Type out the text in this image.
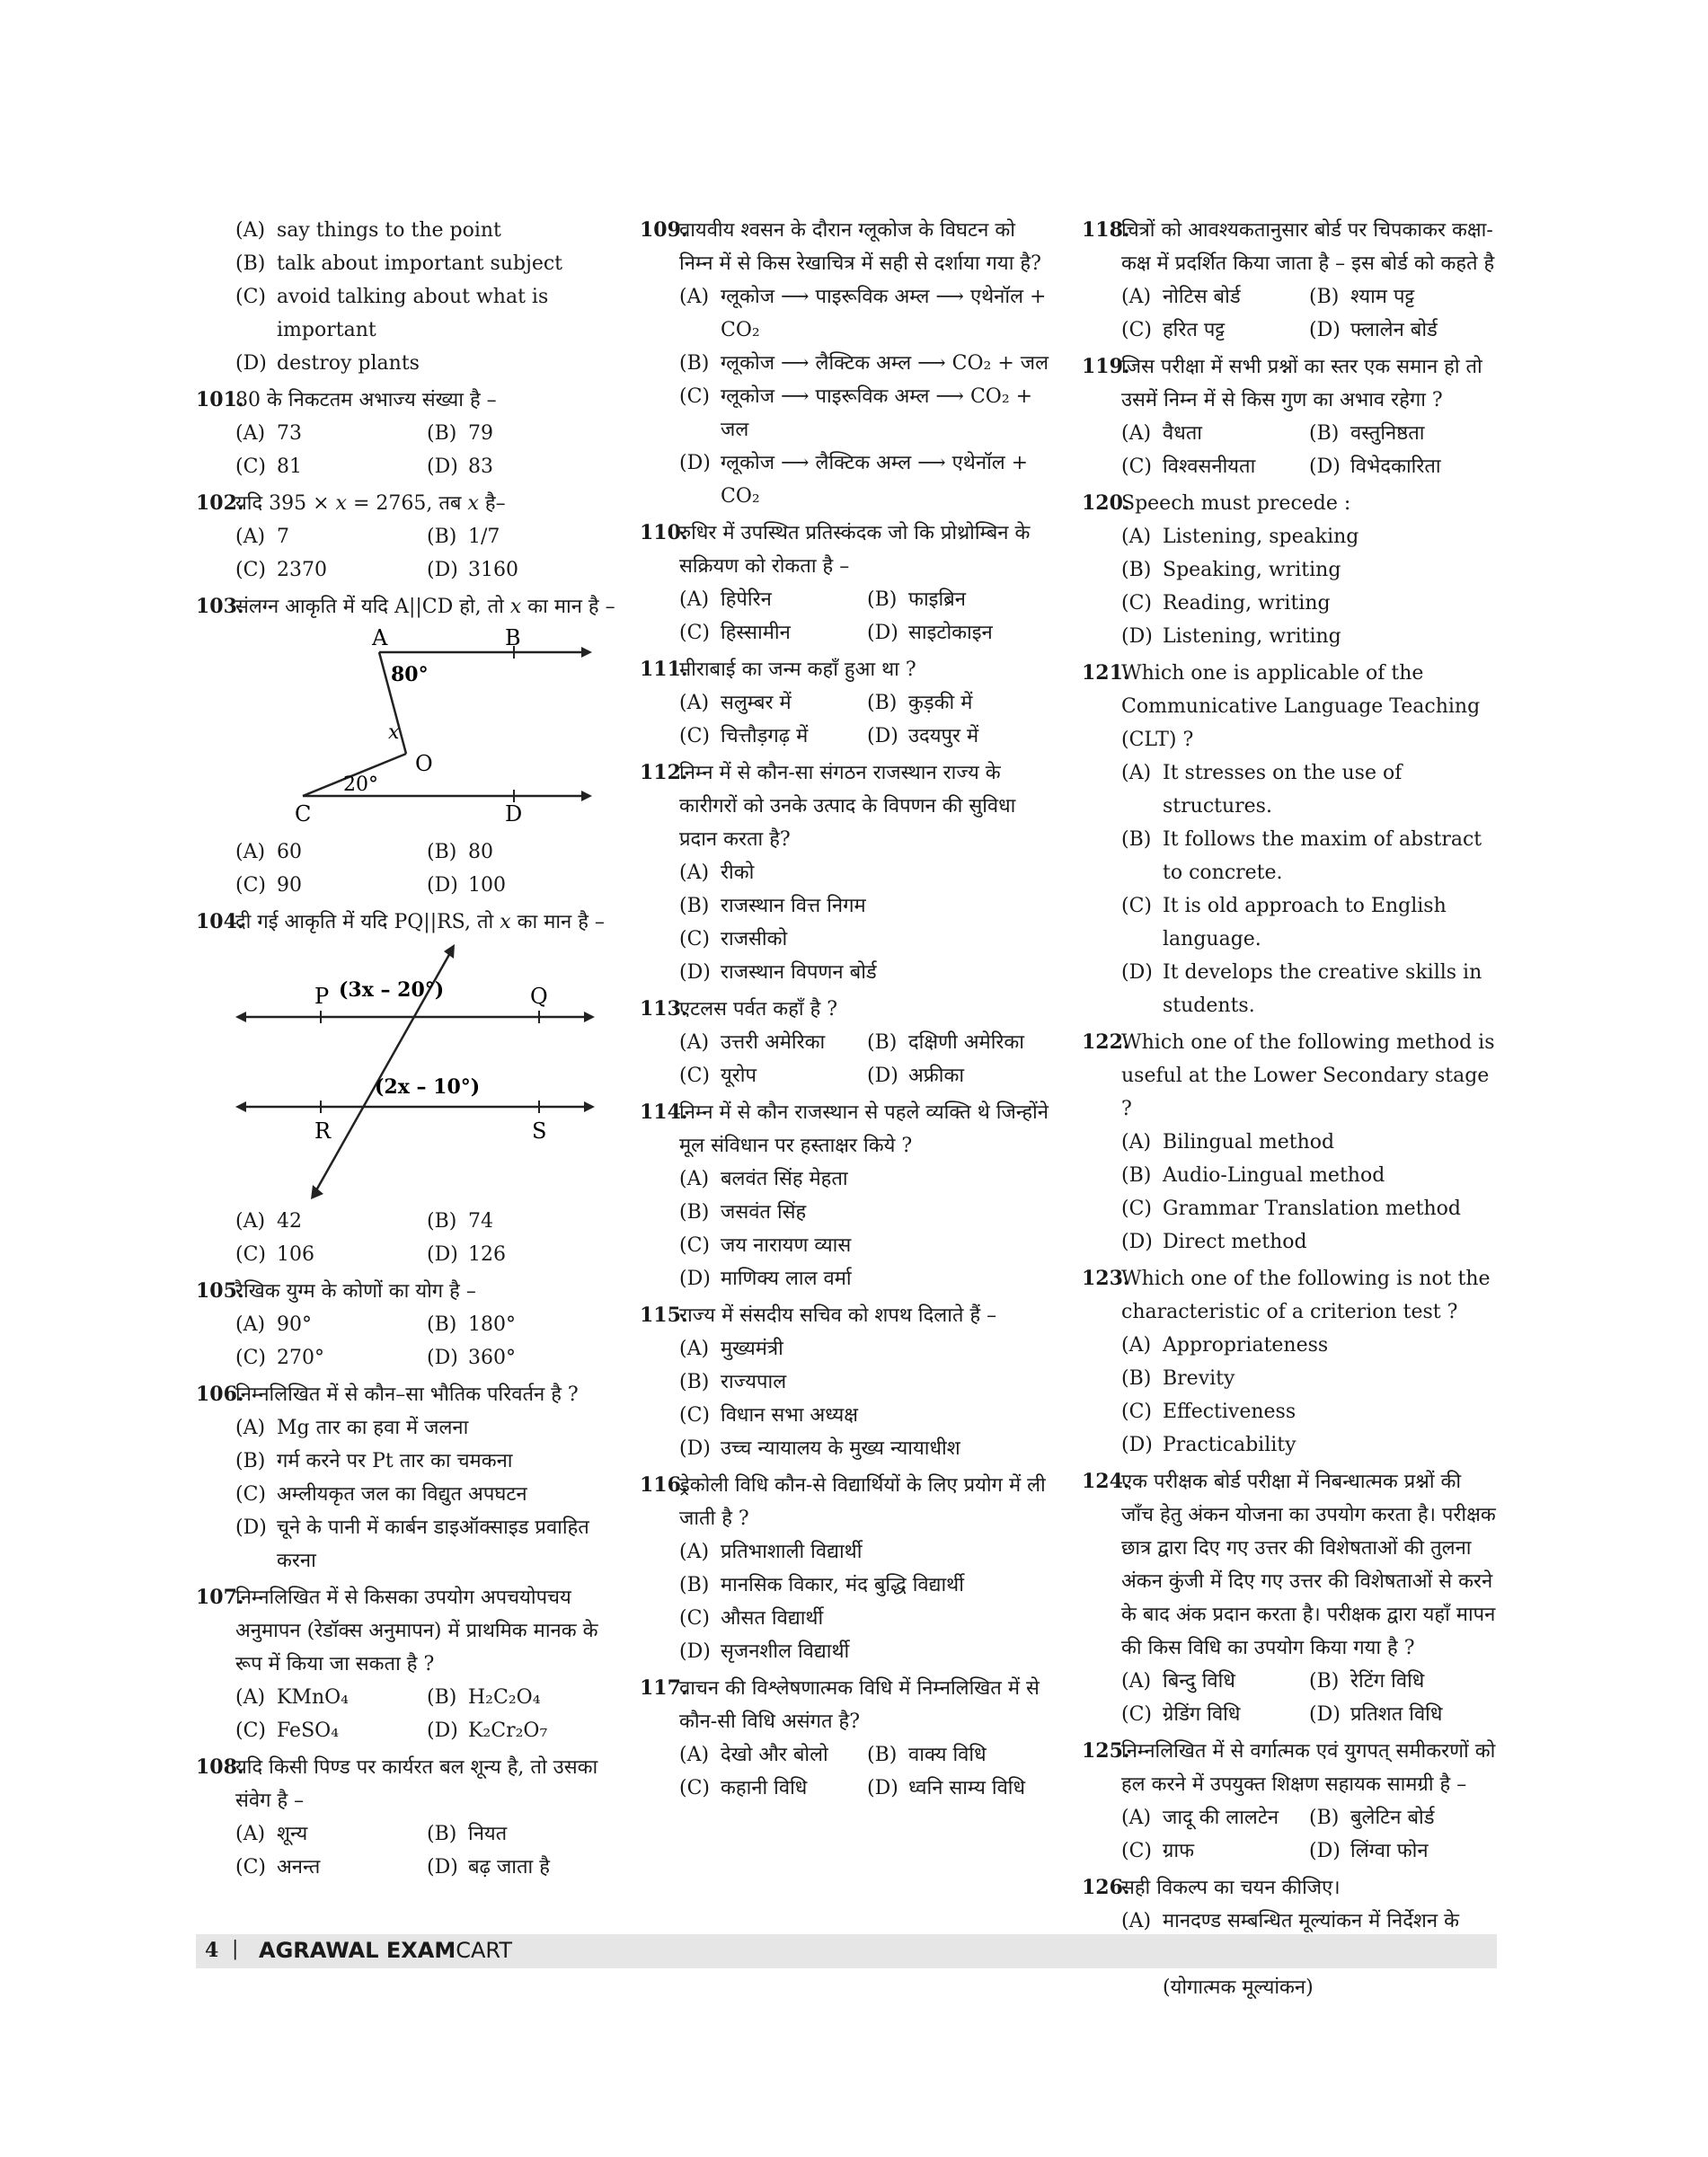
(A) say things to the point
(B) talk about important subject
(C) avoid talking about what is important
(D) destroy plants
101.
80 के निकटतम अभाज्य संख्या है –
(A) 73	(B) 79
(C) 81	(D) 83
102.
यदि 395 × x = 2765, तब x है–
(A) 7	(B) 1/7
(C) 2370	(D) 3160
103.
संलग्न आकृति में यदि A||CD हो, तो x का मान है –
A	B
80°
x
O
20°
C	D
(A) 60	(B) 80
(C) 90	(D) 100
104.
दी गई आकृति में यदि PQ||RS, तो x का मान है –
P	Q
R	S
(3x – 20°)
(2x – 10°)
(A) 42	(B) 74
(C) 106	(D) 126
105.
रैखिक युग्म के कोणों का योग है –
(A) 90°	(B) 180°
(C) 270°	(D) 360°
106.
निम्नलिखित में से कौन–सा भौतिक परिवर्तन है ?
(A) Mg तार का हवा में जलना
(B) गर्म करने पर Pt तार का चमकना
(C) अम्लीयकृत जल का विद्युत अपघटन
(D) चूने के पानी में कार्बन डाइऑक्साइड प्रवाहित करना
107.
निम्नलिखित में से किसका उपयोग अपचयोपचय अनुमापन (रेडॉक्स अनुमापन) में प्राथमिक मानक के रूप में किया जा सकता है ?
(A) KMnO₄	(B) H₂C₂O₄
(C) FeSO₄	(D) K₂Cr₂O₇
108.
यदि किसी पिण्ड पर कार्यरत बल शून्य है, तो उसका संवेग है –
(A) शून्य	(B) नियत
(C) अनन्त	(D) बढ़ जाता है
109.
वायवीय श्वसन के दौरान ग्लूकोज के विघटन को निम्न में से किस रेखाचित्र में सही से दर्शाया गया है?
(A) ग्लूकोज ⟶ पाइरूविक अम्ल ⟶ एथेनॉल + CO₂
(B) ग्लूकोज ⟶ लैक्टिक अम्ल ⟶ CO₂ + जल
(C) ग्लूकोज ⟶ पाइरूविक अम्ल ⟶ CO₂ + जल
(D) ग्लूकोज ⟶ लैक्टिक अम्ल ⟶ एथेनॉल + CO₂
110.
रुधिर में उपस्थित प्रतिस्कंदक जो कि प्रोथ्रोम्बिन के सक्रियण को रोकता है –
(A) हिपेरिन	(B) फाइब्रिन
(C) हिस्सामीन	(D) साइटोकाइन
111.
मीराबाई का जन्म कहाँ हुआ था ?
(A) सलुम्बर में	(B) कुड़की में
(C) चित्तौड़गढ़ में	(D) उदयपुर में
112.
निम्न में से कौन-सा संगठन राजस्थान राज्य के कारीगरों को उनके उत्पाद के विपणन की सुविधा प्रदान करता है?
(A) रीको
(B) राजस्थान वित्त निगम
(C) राजसीको
(D) राजस्थान विपणन बोर्ड
113.
एटलस पर्वत कहाँ है ?
(A) उत्तरी अमेरिका	(B) दक्षिणी अमेरिका
(C) यूरोप	(D) अफ्रीका
114.
निम्न में से कौन राजस्थान से पहले व्यक्ति थे जिन्होंने मूल संविधान पर हस्ताक्षर किये ?
(A) बलवंत सिंह मेहता
(B) जसवंत सिंह
(C) जय नारायण व्यास
(D) माणिक्य लाल वर्मा
115.
राज्य में संसदीय सचिव को शपथ दिलाते हैं –
(A) मुख्यमंत्री
(B) राज्यपाल
(C) विधान सभा अध्यक्ष
(D) उच्च न्यायालय के मुख्य न्यायाधीश
116.
ड्रेकोली विधि कौन-से विद्यार्थियों के लिए प्रयोग में ली जाती है ?
(A) प्रतिभाशाली विद्यार्थी
(B) मानसिक विकार, मंद बुद्धि विद्यार्थी
(C) औसत विद्यार्थी
(D) सृजनशील विद्यार्थी
117.
वाचन की विश्लेषणात्मक विधि में निम्नलिखित में से कौन-सी विधि असंगत है?
(A) देखो और बोलो	(B) वाक्य विधि
(C) कहानी विधि	(D) ध्वनि साम्य विधि
118.
चित्रों को आवश्यकतानुसार बोर्ड पर चिपकाकर कक्षा-कक्ष में प्रदर्शित किया जाता है – इस बोर्ड को कहते है
(A) नोटिस बोर्ड	(B) श्याम पट्ट
(C) हरित पट्ट	(D) फ्लालेन बोर्ड
119.
जिस परीक्षा में सभी प्रश्नों का स्तर एक समान हो तो उसमें निम्न में से किस गुण का अभाव रहेगा ?
(A) वैधता	(B) वस्तुनिष्ठता
(C) विश्वसनीयता	(D) विभेदकारिता
120.
Speech must precede :
(A) Listening, speaking
(B) Speaking, writing
(C) Reading, writing
(D) Listening, writing
121.
Which one is applicable of the Communicative Language Teaching (CLT) ?
(A) It stresses on the use of structures.
(B) It follows the maxim of abstract to concrete.
(C) It is old approach to English language.
(D) It develops the creative skills in students.
122.
Which one of the following method is useful at the Lower Secondary stage ?
(A) Bilingual method
(B) Audio-Lingual method
(C) Grammar Translation method
(D) Direct method
123.
Which one of the following is not the characteristic of a criterion test ?
(A) Appropriateness
(B) Brevity
(C) Effectiveness
(D) Practicability
124.
एक परीक्षक बोर्ड परीक्षा में निबन्धात्मक प्रश्नों की जाँच हेतु अंकन योजना का उपयोग करता है। परीक्षक छात्र द्वारा दिए गए उत्तर की विशेषताओं की तुलना अंकन कुंजी में दिए गए उत्तर की विशेषताओं से करने के बाद अंक प्रदान करता है। परीक्षक द्वारा यहाँ मापन की किस विधि का उपयोग किया गया है ?
(A) बिन्दु विधि	(B) रेटिंग विधि
(C) ग्रेडिंग विधि	(D) प्रतिशत विधि
125.
निम्नलिखित में से वर्गात्मक एवं युगपत् समीकरणों को हल करने में उपयुक्त शिक्षण सहायक सामग्री है –
(A) जादू की लालटेन	(B) बुलेटिन बोर्ड
(C) ग्राफ	(D) लिंग्वा फोन
126.
सही विकल्प का चयन कीजिए।
(A) मानदण्ड सम्बन्धित मूल्यांकन में निर्देशन के (योगात्मक मूल्यांकन)
4 | AGRAWAL EXAMCART
